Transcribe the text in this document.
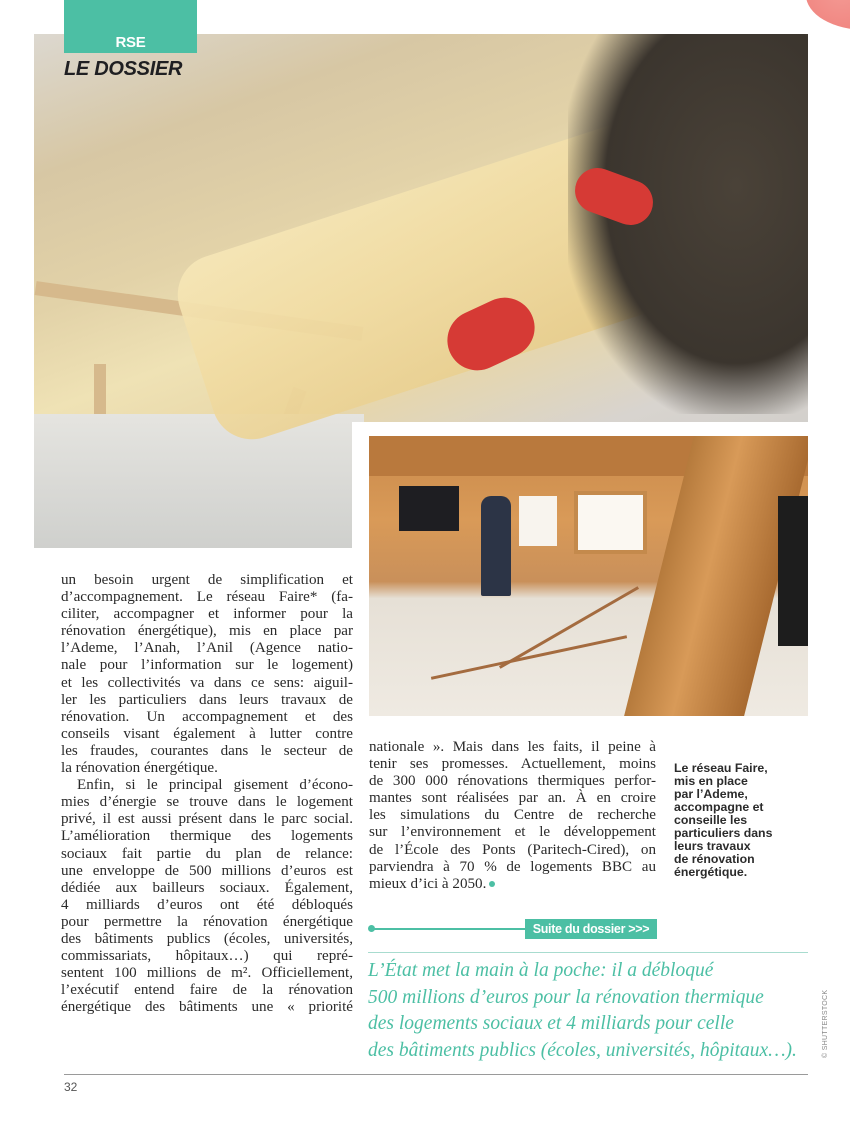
RSE
LE DOSSIER
un besoin urgent de simplification et
d’accompagnement. Le réseau Faire* (fa-
ciliter, accompagner et informer pour la
rénovation énergétique), mis en place par
l’Ademe, l’Anah, l’Anil (Agence natio-
nale pour l’information sur le logement)
et les collectivités va dans ce sens: aiguil-
ler les particuliers dans leurs travaux de
rénovation. Un accompagnement et des
conseils visant également à lutter contre
les fraudes, courantes dans le secteur de
la rénovation énergétique.
Enfin, si le principal gisement d’écono-
mies d’énergie se trouve dans le logement
privé, il est aussi présent dans le parc social.
L’amélioration thermique des logements
sociaux fait partie du plan de relance:
une enveloppe de 500 millions d’euros est
dédiée aux bailleurs sociaux. Également,
4 milliards d’euros ont été débloqués
pour permettre la rénovation énergétique
des bâtiments publics (écoles, universités,
commissariats, hôpitaux…) qui repré-
sentent 100 millions de m². Officiellement,
l’exécutif entend faire de la rénovation
énergétique des bâtiments une « priorité
nationale ». Mais dans les faits, il peine à
tenir ses promesses. Actuellement, moins
de 300 000 rénovations thermiques perfor-
mantes sont réalisées par an. À en croire
les simulations du Centre de recherche
sur l’environnement et le développement
de l’École des Ponts (Paritech-Cired), on
parviendra à 70 % de logements BBC au
mieux d’ici à 2050.
Le réseau Faire,
mis en place
par l’Ademe,
accompagne et
conseille les
particuliers dans
leurs travaux
de rénovation
énergétique.
Suite du dossier >>>
L’État met la main à la poche: il a débloqué
500 millions d’euros pour la rénovation thermique
des logements sociaux et 4 milliards pour celle
des bâtiments publics (écoles, universités, hôpitaux…).	© SHUTTERSTOCK
32
